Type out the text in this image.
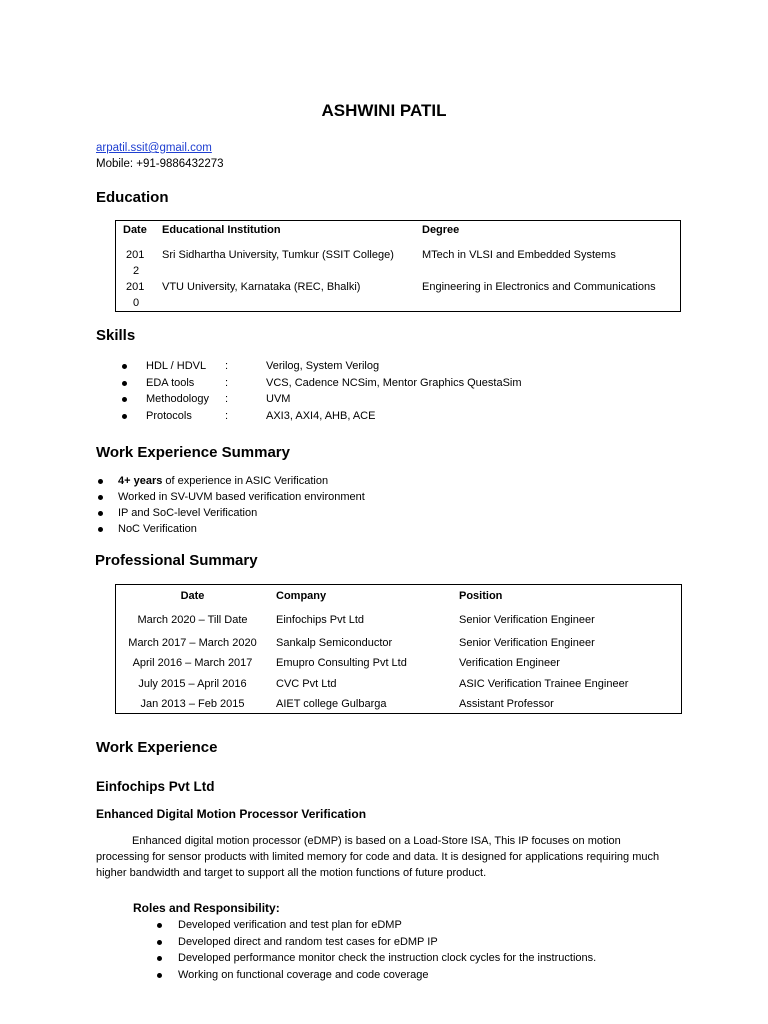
ASHWINI PATIL
arpatil.ssit@gmail.com
Mobile: +91-9886432273
Education
Date Educational Institution	Degree
201
2
Sri Sidhartha University, Tumkur (SSIT College)	MTech in VLSI and Embedded Systems
201
0
VTU University, Karnataka (REC, Bhalki)	Engineering in Electronics and Communications
Skills
HDL / HDVL :	Verilog, System Verilog
EDA tools	:	VCS, Cadence NCSim, Mentor Graphics QuestaSim
Methodology :	UVM
Protocols	:	AXI3, AXI4, AHB, ACE
Work Experience Summary
4+ years of experience in ASIC Verification
Worked in SV-UVM based verification environment
IP and SoC-level Verification
NoC Verification
Professional Summary
Date	Company	Position
March 2020 – Till Date	Einfochips Pvt Ltd	Senior Verification Engineer
March 2017 – March 2020	Sankalp Semiconductor	Senior Verification Engineer
April 2016 – March 2017	Emupro Consulting Pvt Ltd	Verification Engineer
July 2015 – April 2016	CVC Pvt Ltd	ASIC Verification Trainee Engineer
Jan 2013 – Feb 2015	AIET college Gulbarga	Assistant Professor
Work Experience
Einfochips Pvt Ltd
Enhanced Digital Motion Processor Verification
Enhanced digital motion processor (eDMP) is based on a Load-Store ISA, This IP focuses on motion processing for sensor products with limited memory for code and data. It is designed for applications requiring much higher bandwidth and target to support all the motion functions of future product.
Roles and Responsibility:
Developed verification and test plan for eDMP
Developed direct and random test cases for eDMP IP
Developed performance monitor check the instruction clock cycles for the instructions.
Working on functional coverage and code coverage
